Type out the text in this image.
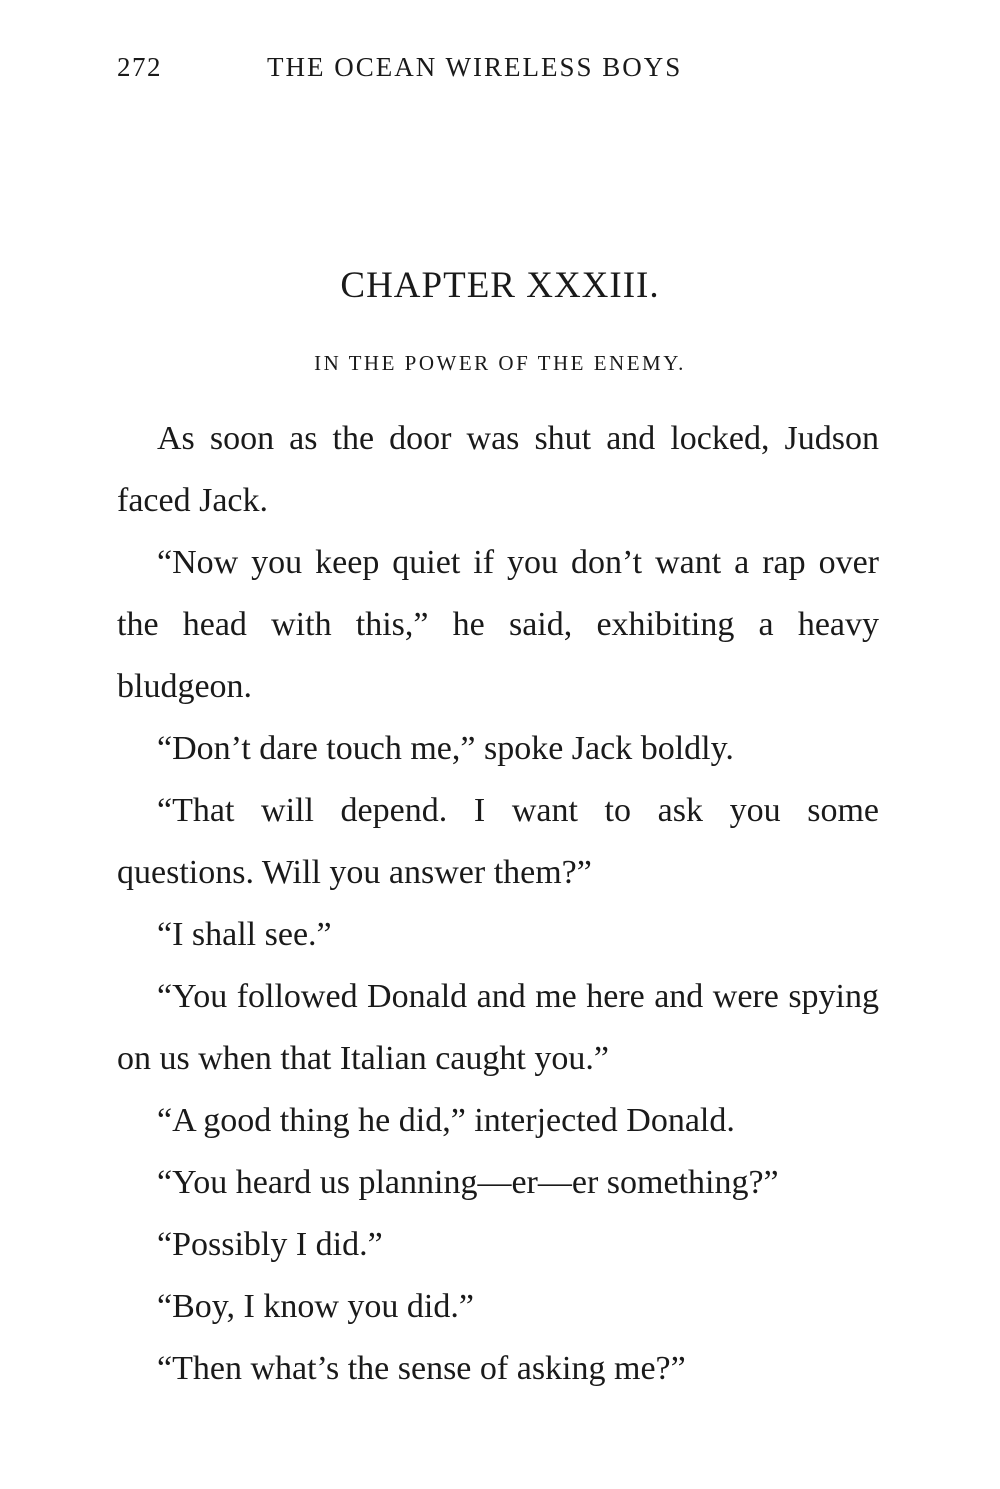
272	THE OCEAN WIRELESS BOYS
CHAPTER XXXIII.
IN THE POWER OF THE ENEMY.

As soon as the door was shut and locked, Judson faced Jack.

“Now you keep quiet if you don’t want a rap over the head with this,” he said, exhibiting a heavy bludgeon.

“Don’t dare touch me,” spoke Jack boldly.

“That will depend. I want to ask you some questions. Will you answer them?”

“I shall see.”

“You followed Donald and me here and were spying on us when that Italian caught you.”

“A good thing he did,” interjected Donald.

“You heard us planning—er—er something?”

“Possibly I did.”

“Boy, I know you did.”

“Then what’s the sense of asking me?”
